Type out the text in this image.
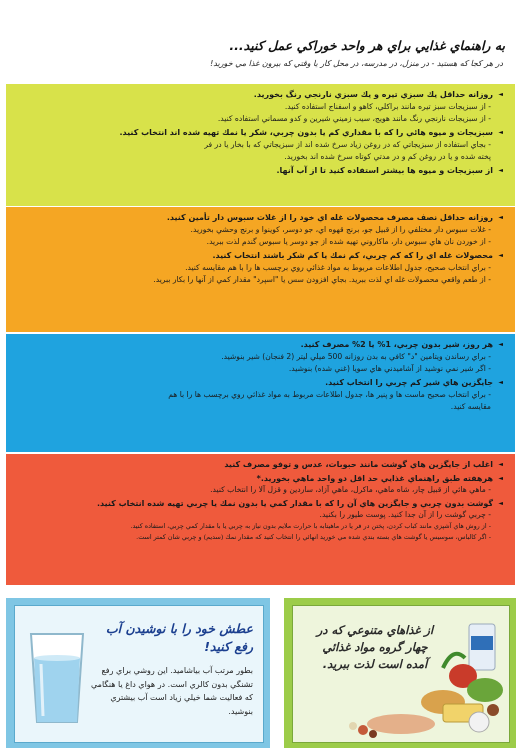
به راهنماي غذايي براي هر واحد خوراكي عمل كنيد...
در هر كجا كه هستيد - در منزل، در مدرسه، در محل كار يا وقتي كه بيرون غذا مي خوريد!
◄ روزانه حداقل يك سبزي تيره و يك سبزي نارنجي رنگ بخوريد.
- از سبزيجات سبز تيره مانند براكلي، كاهو و اسفناج استفاده كنيد.
- از سبزيجات نارنجي رنگ مانند هويج، سيب زميني شيرين و كدو مسماني استفاده كنيد.
◄ سبزيجات و ميوه هائي را كه با مقداري كم يا بدون چربي، شكر يا نمك تهيه شده اند انتخاب كنيد.
- بجاي استفاده از سبزيجاتي كه در روغن زياد سرخ شده اند از سبزيجاتي كه با بخار يا در فر
پخته شده و يا در روغن كم و در مدتي كوتاه سرخ شده اند بخوريد.
◄ از سبزيجات و ميوه ها بيشتر استفاده كنيد تا از آب آنها.
◄ روزانه حداقل نصف مصرف محصولات غله اي خود را از غلات سبوس دار تأمين كنيد.
- غلات سبوس دار مختلفي را از قبيل جو، برنج قهوه اي، جو دوسر، كوينوا و برنج وحشي بخوريد.
- از خوردن نان هاي سبوس دار، ماكاروني تهيه شده از جو دوسر يا سبوس گندم لذت ببريد.
◄ محصولات غله اي را كه كم چربي، كم نمك يا كم شكر باشند انتخاب كنيد.
- براي انتخاب صحيح، جدول اطلاعات مربوط به مواد غذائي روي برچسب ها را با هم مقايسه كنيد.
- از طعم واقعي محصولات غله اي لذت ببريد. بجاي افزودن سس يا "اسپرد" مقدار كمي از آنها را بكار ببريد.
◄ هر روز، شير بدون چربي، 1% يا 2% مصرف كنيد.
- براي رساندن ويتامين "د" كافي به بدن روزانه 500 ميلي ليتر (2 فنجان) شير بنوشيد.
- اگر شير نمي نوشيد از آشاميدني هاي سويا (غني شده) بنوشيد.
◄ جايگزين هاي شير كم چربي را انتخاب كنيد.
- براي انتخاب صحيح ماست ها و پنير ها، جدول اطلاعات مربوط به مواد غذائي روي برچسب ها را با هم
مقايسه كنيد.
◄ اغلب از جايگزين هاي گوشت مانند حبوبات، عدس و توفو مصرف كنيد
◄ هرهفته طبق راهنماي غذايي حد اقل دو واحد ماهي بخوريد.*
- ماهي هائي از قبيل چار، شاه ماهي، ماكرل، ماهي آزاد، ساردين و قزل آلا را انتخاب كنيد.
◄ گوشت بدون چربي و جايگزين هاي آن را كه با مقدار كمي يا بدون نمك يا چربي تهيه شده انتخاب كنيد.
- چربي گوشت را از آن جدا كنيد. پوست طيور را بكنيد.
- از روش هاي آشپزي مانند كباب كردن، پختن در فر يا در ماهيتابه با حرارت ملايم بدون نياز به چربي يا با مقدار كمي چربي، استفاده كنيد.
- اگر كالباس، سوسيس يا گوشت هاي بسته بندي شده مي خوريد انهائي را انتخاب كنيد كه مقدار نمك (سديم) و چربي شان كمتر است.
عطش خود را با نوشيدن آب رفع كنيد!
بطور مرتب آب بياشاميد. اين روشي براي رفع تشنگي بدون كالري است. در هواي داغ يا هنگامي كه فعاليت شما خيلي زياد است آب بيشتري بنوشيد.
از غذاهاي متنوعي كه در چهار گروه مواد غذائي آمده است لذت ببريد.
